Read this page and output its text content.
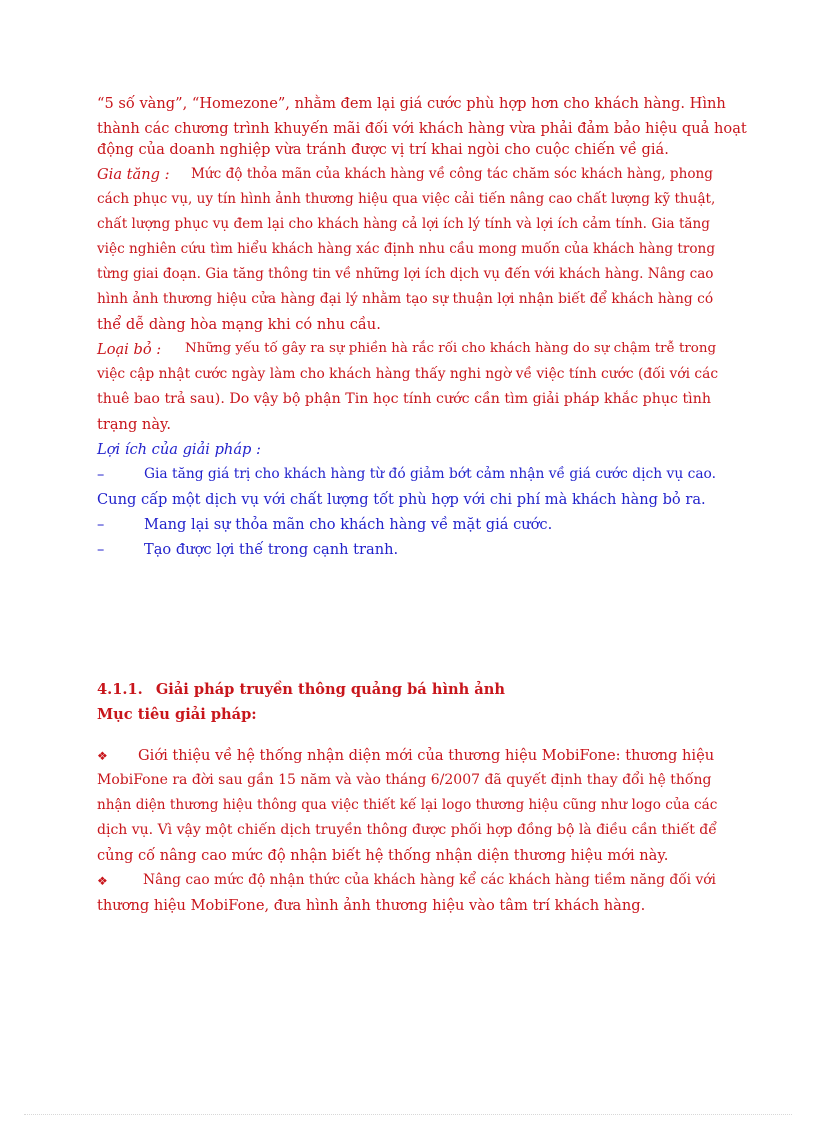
“5 số vàng”, “Homezone”, nhằm đem lại giá cước phù hợp hơn cho khách hàng. Hình
thành các chương trình khuyến mãi đối với khách hàng vừa phải đảm bảo hiệu quả hoạt
động của doanh nghiệp vừa tránh được vị trí khai ngòi cho cuộc chiến về giá.
Gia tăng : Mức độ thỏa mãn của khách hàng về công tác chăm sóc khách hàng, phong
cách phục vụ, uy tín hình ảnh thương hiệu qua việc cải tiến nâng cao chất lượng kỹ thuật,
chất lượng phục vụ đem lại cho khách hàng cả lợi ích lý tính và lợi ích cảm tính. Gia tăng
việc nghiên cứu tìm hiểu khách hàng xác định nhu cầu mong muốn của khách hàng trong
từng giai đoạn. Gia tăng thông tin về những lợi ích dịch vụ đến với khách hàng. Nâng cao
hình ảnh thương hiệu cửa hàng đại lý nhằm tạo sự thuận lợi nhận biết để khách hàng có
thể dễ dàng hòa mạng khi có nhu cầu.
Loại bỏ : Những yếu tố gây ra sự phiền hà rắc rối cho khách hàng do sự chậm trễ trong
việc cập nhật cước ngày làm cho khách hàng thấy nghi ngờ về việc tính cước (đối với các
thuê bao trả sau). Do vậy bộ phận Tin học tính cước cần tìm giải pháp khắc phục tình
trạng này.
Lợi ích của giải pháp :
–	Gia tăng giá trị cho khách hàng từ đó giảm bớt cảm nhận về giá cước dịch vụ cao.
Cung cấp một dịch vụ với chất lượng tốt phù hợp với chi phí mà khách hàng bỏ ra.
–	Mang lại sự thỏa mãn cho khách hàng về mặt giá cước.
–	Tạo được lợi thế trong cạnh tranh.
4.1.1. Giải pháp truyền thông quảng bá hình ảnh
Mục tiêu giải pháp:
❖ Giới thiệu về hệ thống nhận diện mới của thương hiệu MobiFone: thương hiệu
MobiFone ra đời sau gần 15 năm và vào tháng 6/2007 đã quyết định thay đổi hệ thống
nhận diện thương hiệu thông qua việc thiết kế lại logo thương hiệu cũng như logo của các
dịch vụ. Vì vậy một chiến dịch truyền thông được phối hợp đồng bộ là điều cần thiết để
củng cố nâng cao mức độ nhận biết hệ thống nhận diện thương hiệu mới này.
❖	Nâng cao mức độ nhận thức của khách hàng kể các khách hàng tiềm năng đối với
thương hiệu MobiFone, đưa hình ảnh thương hiệu vào tâm trí khách hàng.
